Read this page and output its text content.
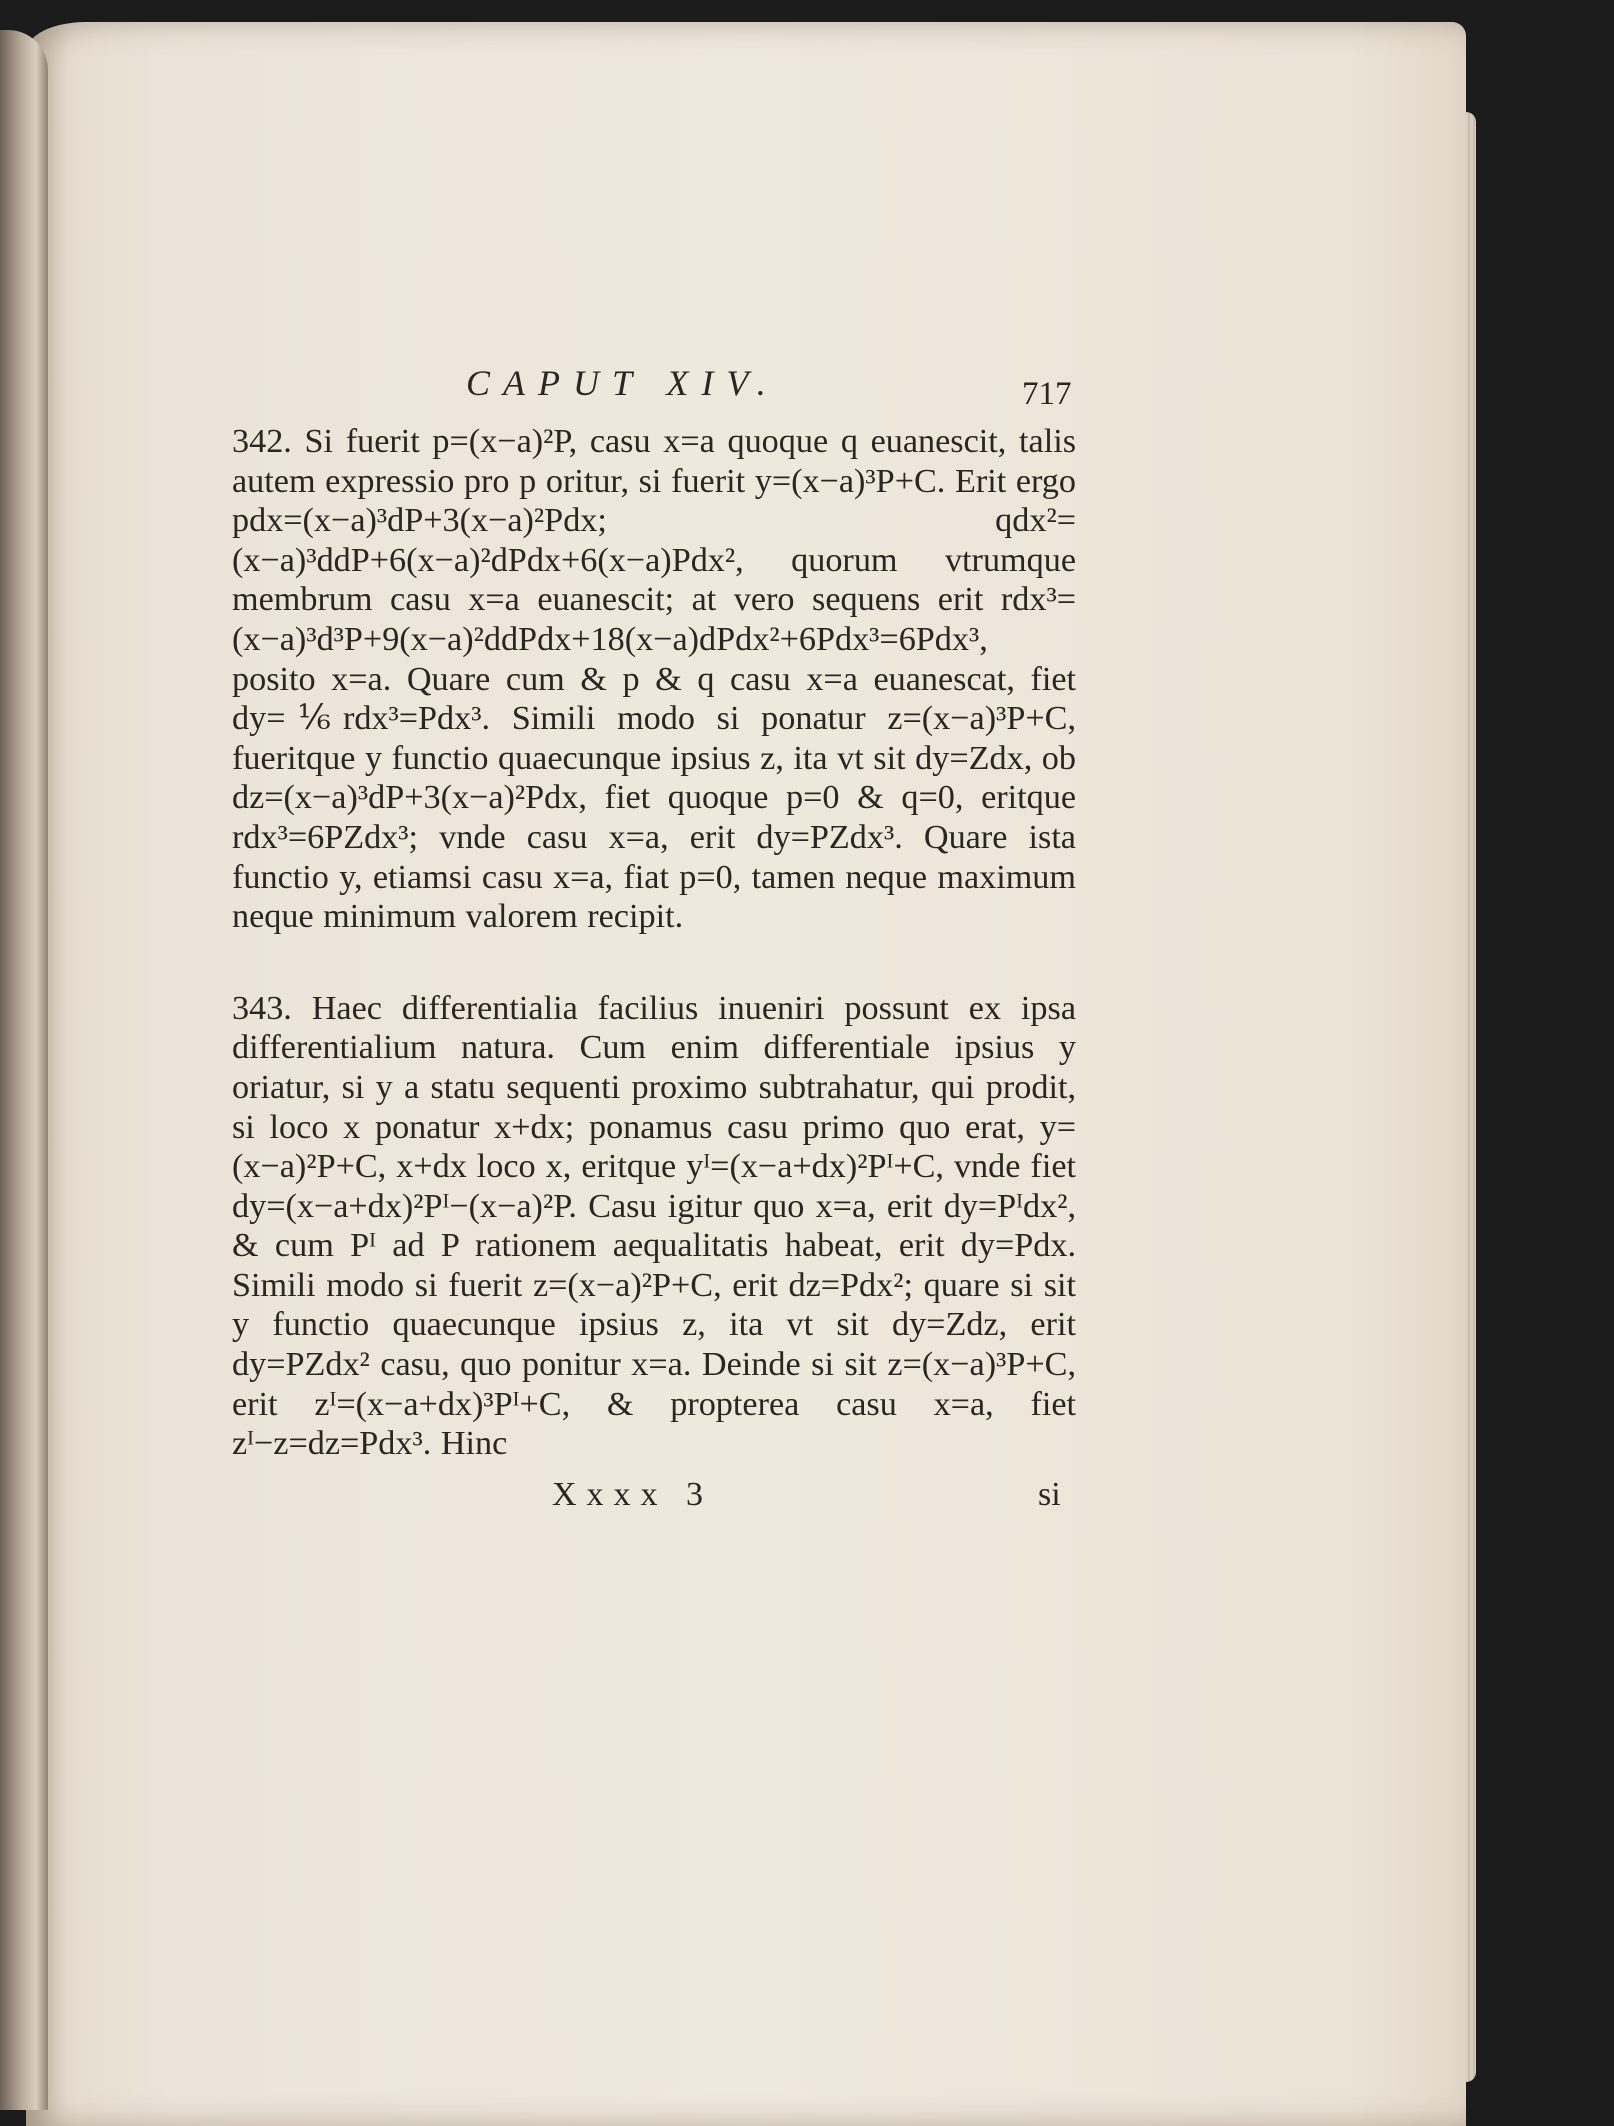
CAPUT XIV.	717

342. Si fuerit p=(x−a)²P, casu x=a quoque q euanescit, talis autem expressio pro p oritur, si fuerit y=(x−a)³P+C. Erit ergo pdx=(x−a)³dP+3(x−a)²Pdx; qdx²=(x−a)³ddP+6(x−a)²dPdx+6(x−a)Pdx², quorum vtrumque membrum casu x=a euanescit; at vero sequens erit rdx³=(x−a)³d³P+9(x−a)²ddPdx+18(x−a)dPdx²+6Pdx³=6Pdx³, posito x=a. Quare cum & p & q casu x=a euanescat, fiet dy=⅙rdx³=Pdx³. Simili modo si ponatur z=(x−a)³P+C, fueritque y functio quaecunque ipsius z, ita vt sit dy=Zdx, ob dz=(x−a)³dP+3(x−a)²Pdx, fiet quoque p=0 & q=0, eritque rdx³=6PZdx³; vnde casu x=a, erit dy=PZdx³. Quare ista functio y, etiamsi casu x=a, fiat p=0, tamen neque maximum neque minimum valorem recipit.

343. Haec differentialia facilius inueniri possunt ex ipsa differentialium natura. Cum enim differentiale ipsius y oriatur, si y a statu sequenti proximo subtrahatur, qui prodit, si loco x ponatur x+dx; ponamus casu primo quo erat, y=(x−a)²P+C, x+dx loco x, eritque yᴵ=(x−a+dx)²Pᴵ+C, vnde fiet dy=(x−a+dx)²Pᴵ−(x−a)²P. Casu igitur quo x=a, erit dy=Pᴵdx², & cum Pᴵ ad P rationem aequalitatis habeat, erit dy=Pdx. Simili modo si fuerit z=(x−a)²P+C, erit dz=Pdx²; quare si sit y functio quaecunque ipsius z, ita vt sit dy=Zdz, erit dy=PZdx² casu, quo ponitur x=a. Deinde si sit z=(x−a)³P+C, erit zᴵ=(x−a+dx)³Pᴵ+C, & propterea casu x=a, fiet zᴵ−z=dz=Pdx³. Hinc

Xxxx 3	si
